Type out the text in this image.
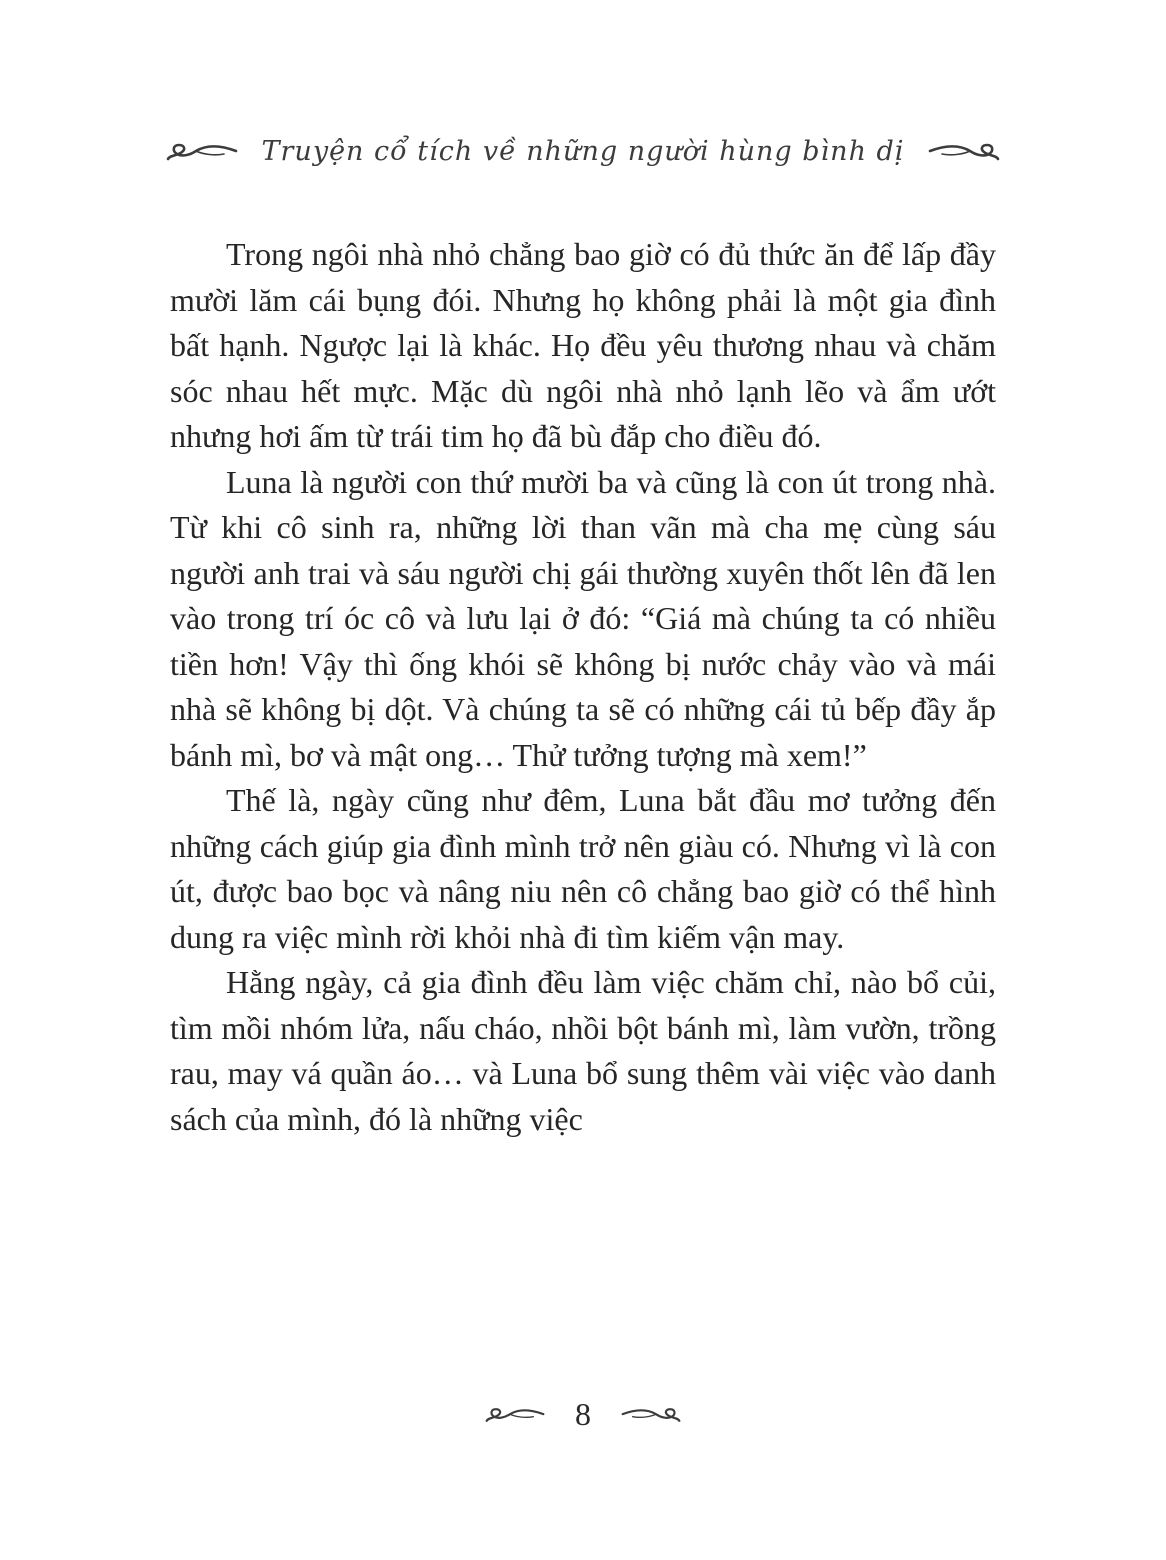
Truyện cổ tích về những người hùng bình dị

Trong ngôi nhà nhỏ chẳng bao giờ có đủ thức ăn để lấp đầy mười lăm cái bụng đói. Nhưng họ không phải là một gia đình bất hạnh. Ngược lại là khác. Họ đều yêu thương nhau và chăm sóc nhau hết mực. Mặc dù ngôi nhà nhỏ lạnh lẽo và ẩm ướt nhưng hơi ấm từ trái tim họ đã bù đắp cho điều đó.

Luna là người con thứ mười ba và cũng là con út trong nhà. Từ khi cô sinh ra, những lời than vãn mà cha mẹ cùng sáu người anh trai và sáu người chị gái thường xuyên thốt lên đã len vào trong trí óc cô và lưu lại ở đó: “Giá mà chúng ta có nhiều tiền hơn! Vậy thì ống khói sẽ không bị nước chảy vào và mái nhà sẽ không bị dột. Và chúng ta sẽ có những cái tủ bếp đầy ắp bánh mì, bơ và mật ong… Thử tưởng tượng mà xem!”

Thế là, ngày cũng như đêm, Luna bắt đầu mơ tưởng đến những cách giúp gia đình mình trở nên giàu có. Nhưng vì là con út, được bao bọc và nâng niu nên cô chẳng bao giờ có thể hình dung ra việc mình rời khỏi nhà đi tìm kiếm vận may.

Hằng ngày, cả gia đình đều làm việc chăm chỉ, nào bổ củi, tìm mồi nhóm lửa, nấu cháo, nhồi bột bánh mì, làm vườn, trồng rau, may vá quần áo… và Luna bổ sung thêm vài việc vào danh sách của mình, đó là những việc

8
